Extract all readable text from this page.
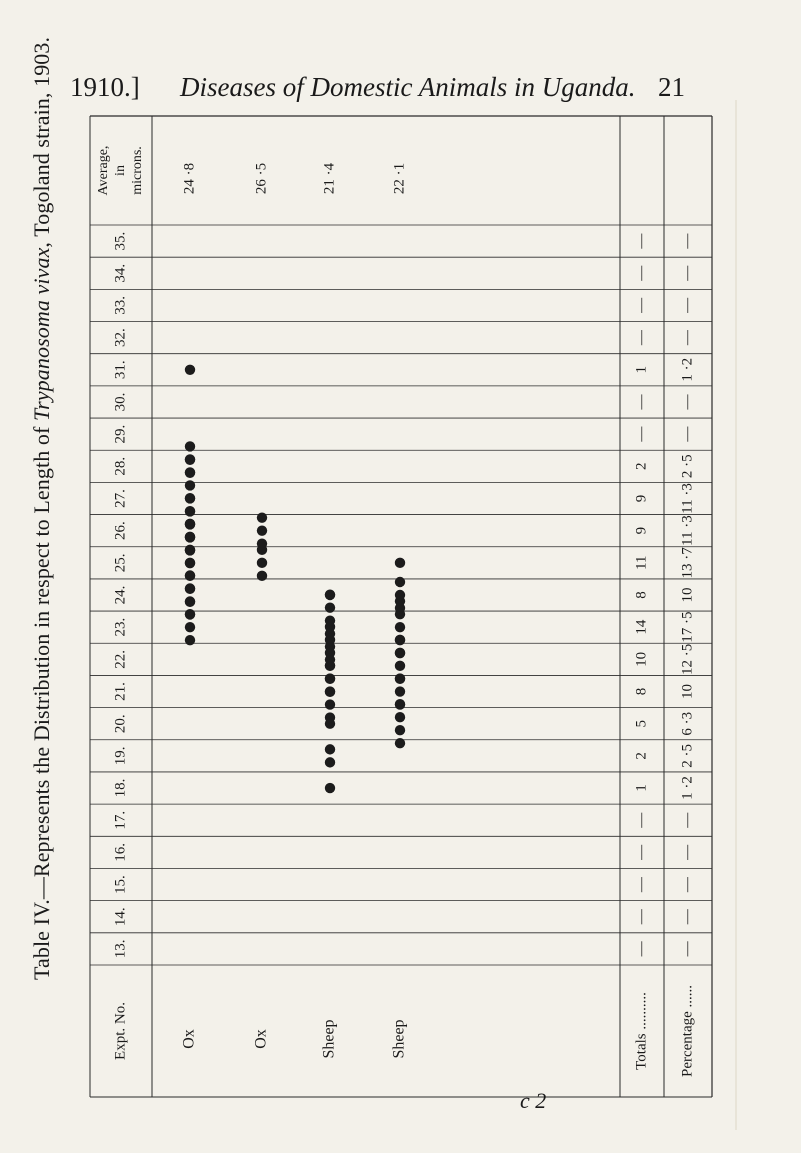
1910.] Diseases of Domestic Animals in Uganda. 21
Table IV.—Represents the Distribution in respect to Length of Trypanosoma vivax, Togoland strain, 1903.
Expt. No.
Average, in microns.
13.
14.
15.
16.
17.
18.
19.
20.
21.
22.
23.
24.
25.
26.
27.
28.
29.
30.
31.
32.
33.
34.
35.
Ox
24 ·8
Ox
26 ·5
Sheep
21 ·4
Sheep
22 ·1
Totals .......... Percentage ......
—
—
—
—
—
1
2
5
8
10
14
8
11
9
9
2
—
—
1
—
—
—
—
—
—
—
—
—
1 ·2
2 ·5
6 ·3
10
12 ·5
17 ·5
10
13 ·7
11 ·3
11 ·3
2 ·5
—
—
1 ·2
—
—
—
—
c 2
